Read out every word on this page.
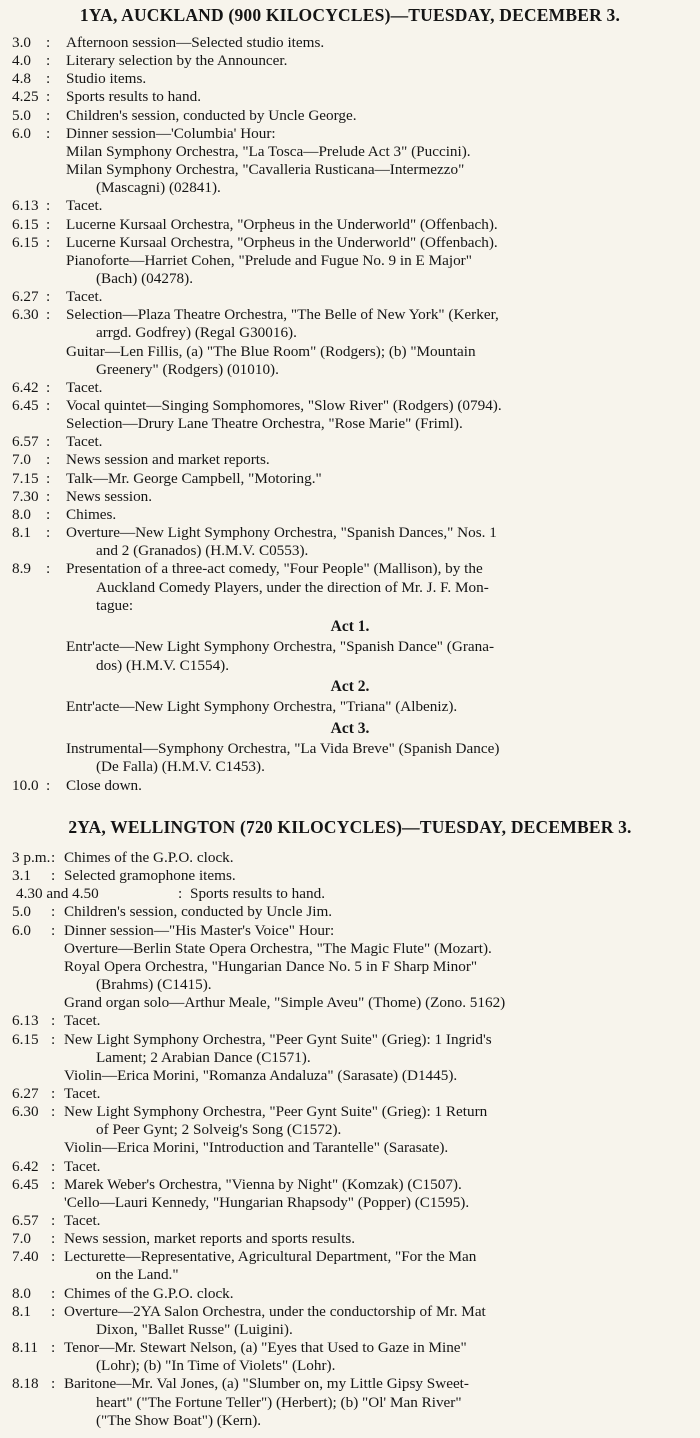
1YA, AUCKLAND (900 KILOCYCLES)—TUESDAY, DECEMBER 3.
3.0 : Afternoon session—Selected studio items.
4.0 : Literary selection by the Announcer.
4.8 : Studio items.
4.25 : Sports results to hand.
5.0 : Children's session, conducted by Uncle George.
6.0 : Dinner session—'Columbia' Hour:
Milan Symphony Orchestra, "La Tosca—Prelude Act 3" (Puccini).
Milan Symphony Orchestra, "Cavalleria Rusticana—Intermezzo"
(Mascagni) (02841).
6.13 : Tacet.
6.15 : Lucerne Kursaal Orchestra, "Orpheus in the Underworld" (Offenbach).
6.15 : Lucerne Kursaal Orchestra, "Orpheus in the Underworld" (Offenbach).
Pianoforte—Harriet Cohen, "Prelude and Fugue No. 9 in E Major"
(Bach) (04278).
6.27 : Tacet.
6.30 : Selection—Plaza Theatre Orchestra, "The Belle of New York" (Kerker,
arrgd. Godfrey) (Regal G30016).
Guitar—Len Fillis, (a) "The Blue Room" (Rodgers); (b) "Mountain
Greenery" (Rodgers) (01010).
6.42 : Tacet.
6.45 : Vocal quintet—Singing Somphomores, "Slow River" (Rodgers) (0794).
Selection—Drury Lane Theatre Orchestra, "Rose Marie" (Friml).
6.57 : Tacet.
7.0 : News session and market reports.
7.15 : Talk—Mr. George Campbell, "Motoring."
7.30 : News session.
8.0 : Chimes.
8.1 : Overture—New Light Symphony Orchestra, "Spanish Dances," Nos. 1
and 2 (Granados) (H.M.V. C0553).
8.9 : Presentation of a three-act comedy, "Four People" (Mallison), by the
Auckland Comedy Players, under the direction of Mr. J. F. Mon-
tague:
Act 1.
Entr'acte—New Light Symphony Orchestra, "Spanish Dance" (Grana-
dos) (H.M.V. C1554).
Act 2.
Entr'acte—New Light Symphony Orchestra, "Triana" (Albeniz).
Act 3.
Instrumental—Symphony Orchestra, "La Vida Breve" (Spanish Dance)
(De Falla) (H.M.V. C1453).
10.0 : Close down.
2YA, WELLINGTON (720 KILOCYCLES)—TUESDAY, DECEMBER 3.
3 p.m. : Chimes of the G.P.O. clock.
3.1 : Selected gramophone items.
4.30 and 4.50	: Sports results to hand.
5.0 : Children's session, conducted by Uncle Jim.
6.0 : Dinner session—"His Master's Voice" Hour:
Overture—Berlin State Opera Orchestra, "The Magic Flute" (Mozart).
Royal Opera Orchestra, "Hungarian Dance No. 5 in F Sharp Minor"
(Brahms) (C1415).
Grand organ solo—Arthur Meale, "Simple Aveu" (Thome) (Zono. 5162)
6.13 : Tacet.
6.15 : New Light Symphony Orchestra, "Peer Gynt Suite" (Grieg): 1 Ingrid's
Lament; 2 Arabian Dance (C1571).
Violin—Erica Morini, "Romanza Andaluza" (Sarasate) (D1445).
6.27 : Tacet.
6.30 : New Light Symphony Orchestra, "Peer Gynt Suite" (Grieg): 1 Return
of Peer Gynt; 2 Solveig's Song (C1572).
Violin—Erica Morini, "Introduction and Tarantelle" (Sarasate).
6.42 : Tacet.
6.45 : Marek Weber's Orchestra, "Vienna by Night" (Komzak) (C1507).
'Cello—Lauri Kennedy, "Hungarian Rhapsody" (Popper) (C1595).
6.57 : Tacet.
7.0 : News session, market reports and sports results.
7.40 : Lecturette—Representative, Agricultural Department, "For the Man
on the Land."
8.0 : Chimes of the G.P.O. clock.
8.1 : Overture—2YA Salon Orchestra, under the conductorship of Mr. Mat
Dixon, "Ballet Russe" (Luigini).
8.11 : Tenor—Mr. Stewart Nelson, (a) "Eyes that Used to Gaze in Mine"
(Lohr); (b) "In Time of Violets" (Lohr).
8.18 : Baritone—Mr. Val Jones, (a) "Slumber on, my Little Gipsy Sweet-
heart" ("The Fortune Teller") (Herbert); (b) "Ol' Man River"
("The Show Boat") (Kern).
